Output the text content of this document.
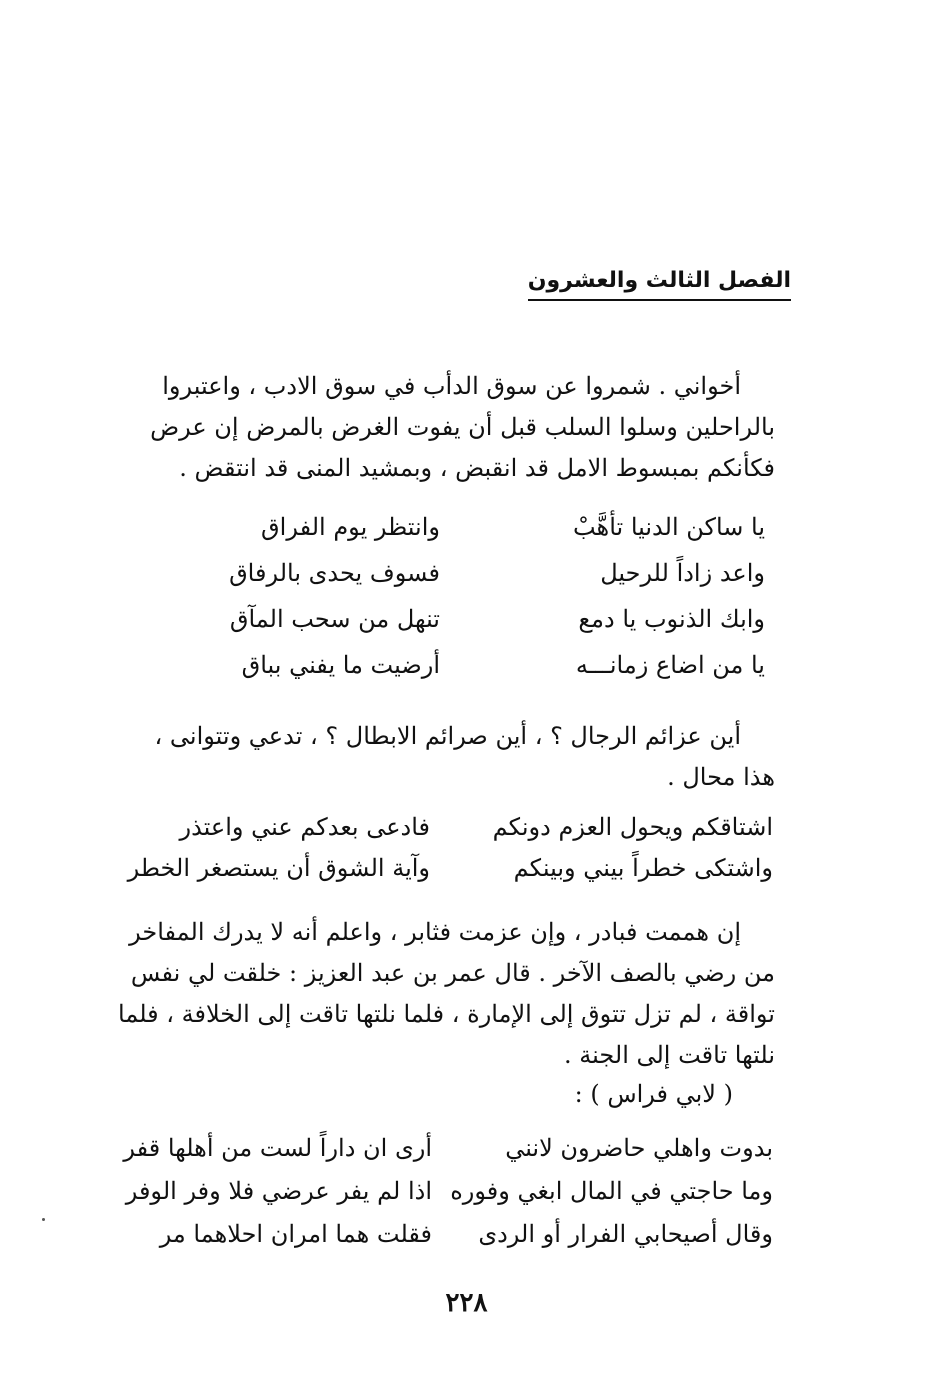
الفصل الثالث والعشرون
أخواني . شمروا عن سوق الدأب في سوق الادب ، واعتبروا
بالراحلين وسلوا السلب قبل أن يفوت الغرض بالمرض إن عرض
فكأنكم بمبسوط الامل قد انقبض ، وبمشيد المنى قد انتقض .
يا ساكن الدنيا تأهَّبْ
وانتظر يوم الفراق
واعد زاداً للرحيل
فسوف يحدى بالرفاق
وابك الذنوب يا دمع
تنهل من سحب المآق
يا من اضاع زمانـــه
أرضيت ما يفني بباق
أين عزائم الرجال ؟ ، أين صرائم الابطال ؟ ، تدعي وتتوانى ،
هذا محال .
اشتاقكم ويحول العزم دونكم
فادعى بعدكم عني واعتذر
واشتكى خطراً بيني وبينكم
وآية الشوق أن يستصغر الخطر
إن هممت فبادر ، وإن عزمت فثابر ، واعلم أنه لا يدرك المفاخر
من رضي بالصف الآخر . قال عمر بن عبد العزيز : خلقت لي نفس
تواقة ، لم تزل تتوق إلى الإمارة ، فلما نلتها تاقت إلى الخلافة ، فلما
نلتها تاقت إلى الجنة .
( لابي فراس ) :
بدوت واهلي حاضرون لانني
أرى ان داراً لست من أهلها قفر
وما حاجتي في المال ابغي وفوره
اذا لم يفر عرضي فلا وفر الوفر
وقال أصيحابي الفرار أو الردى
فقلت هما امران احلاهما مر
٢٢٨
